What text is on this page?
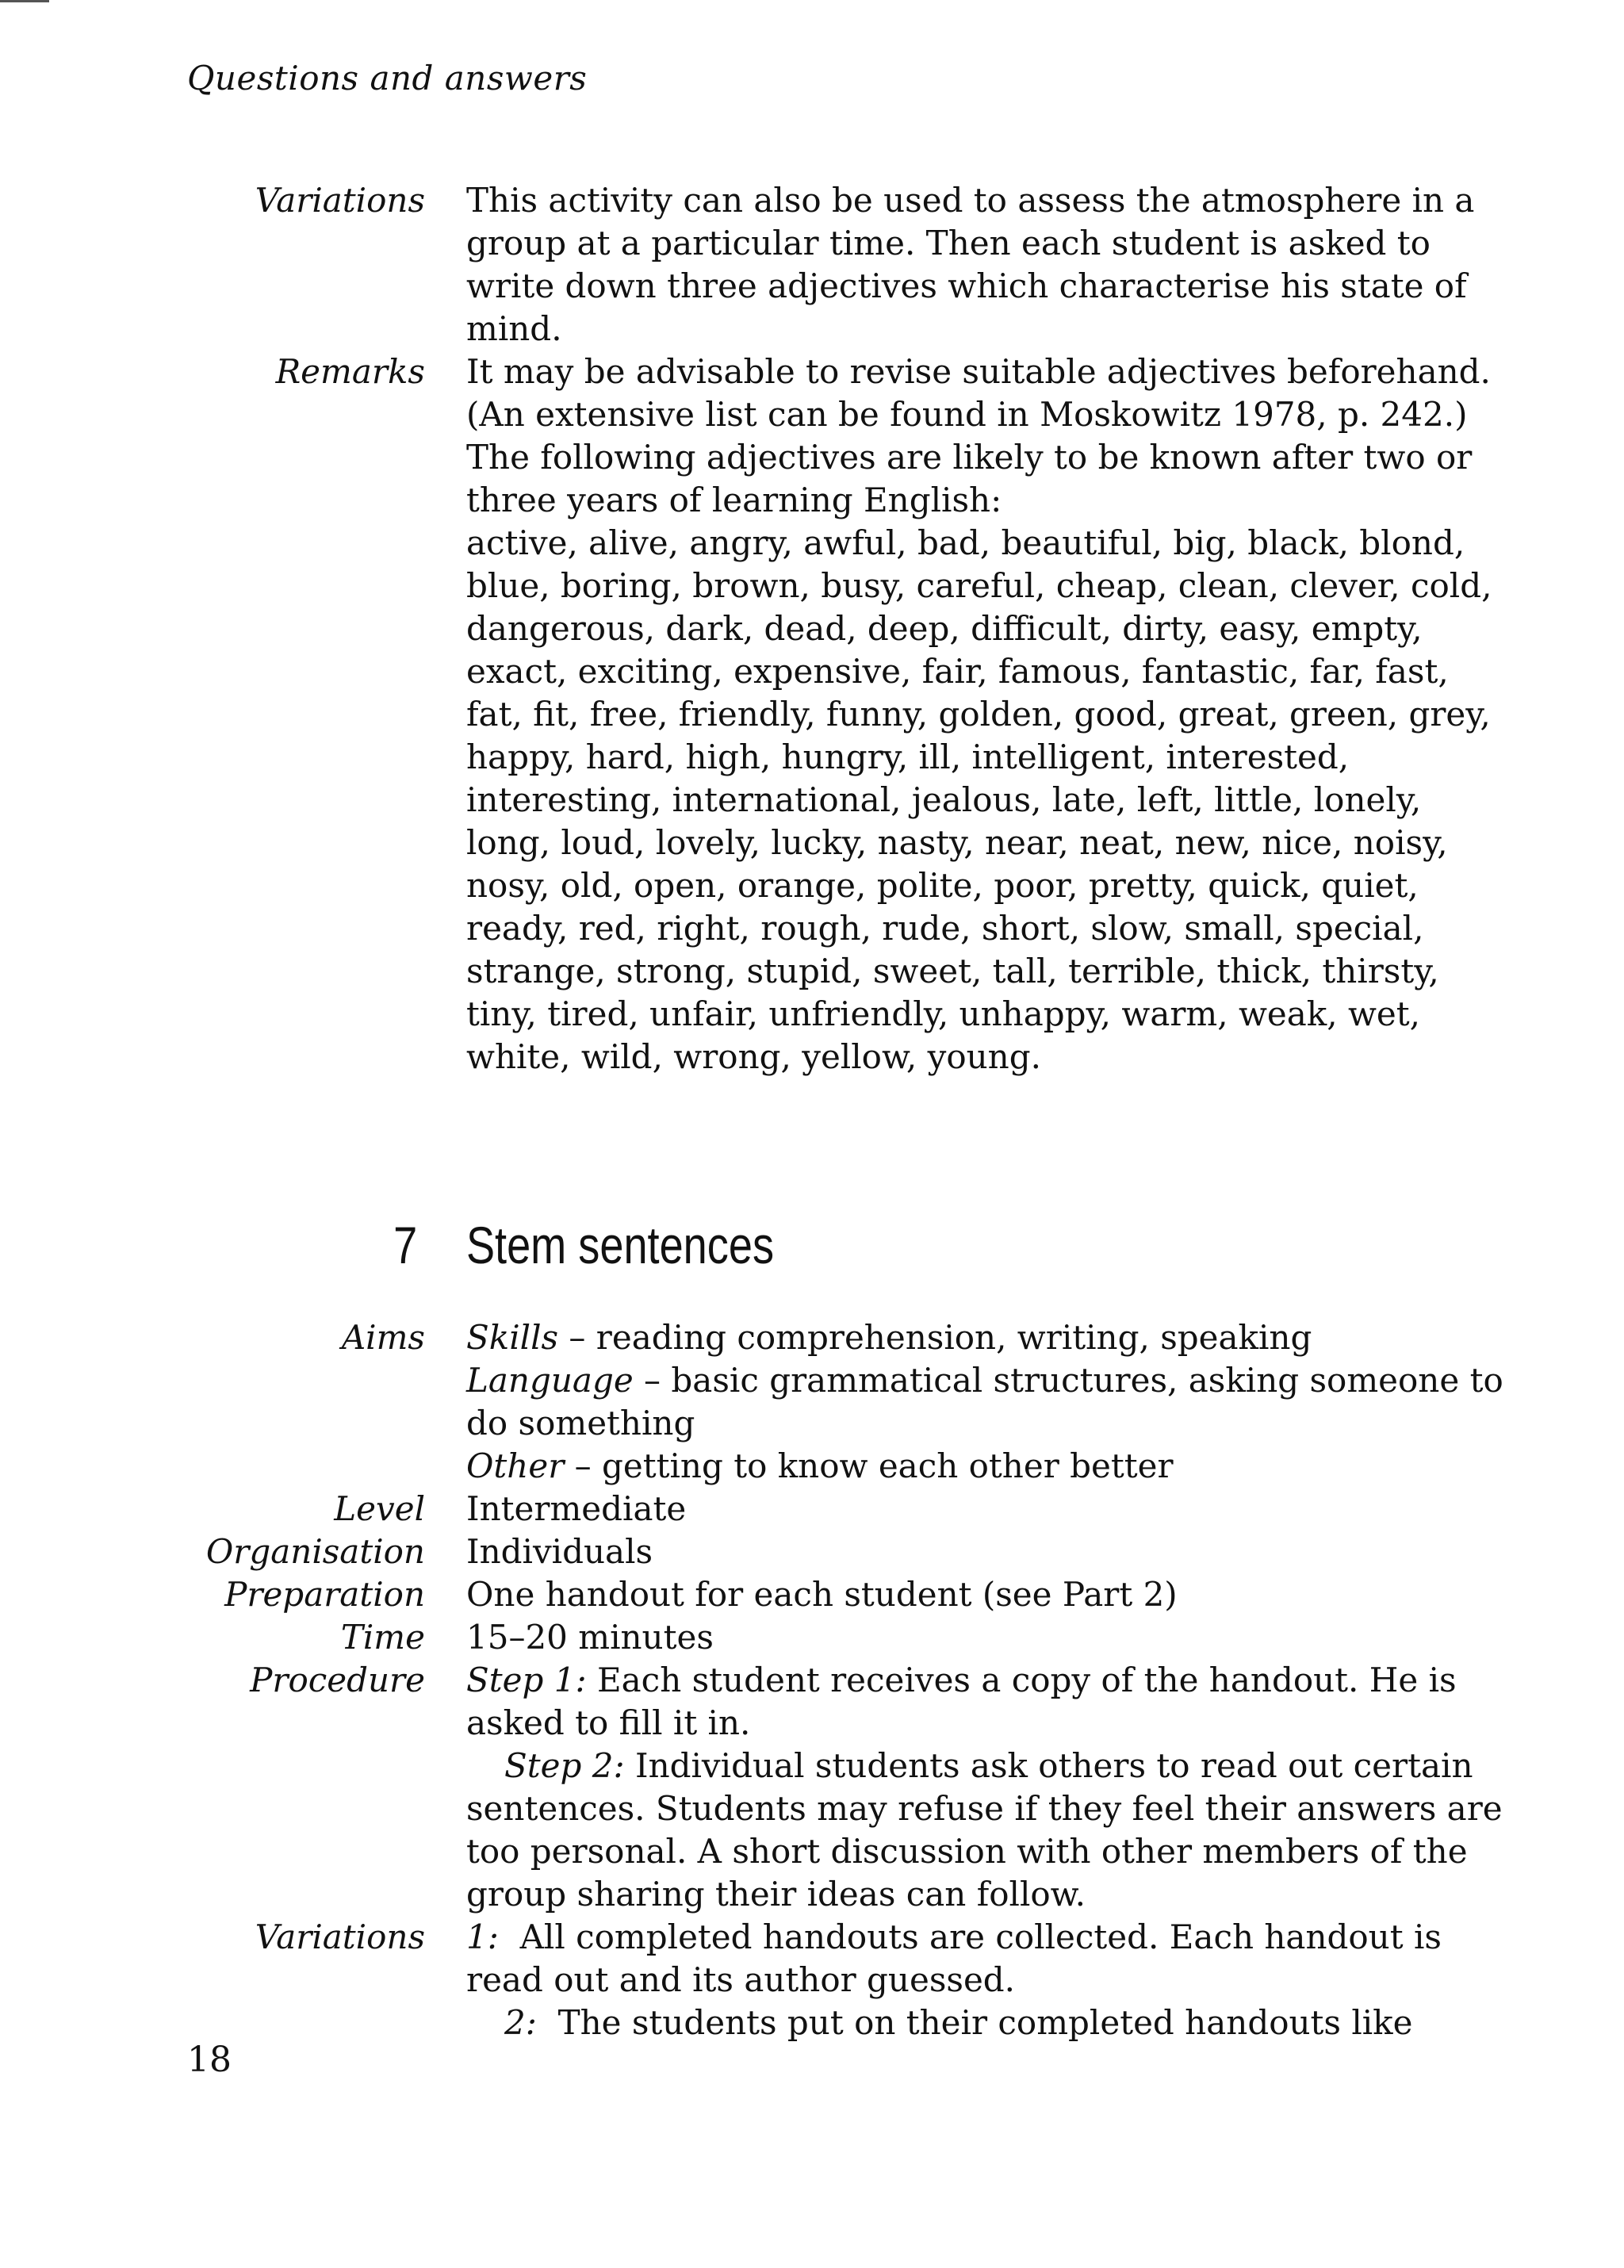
Questions and answers
Variations This activity can also be used to assess the atmosphere in a
group at a particular time. Then each student is asked to
write down three adjectives which characterise his state of
mind.
Remarks It may be advisable to revise suitable adjectives beforehand.
(An extensive list can be found in Moskowitz 1978, p. 242.)
The following adjectives are likely to be known after two or
three years of learning English:
active, alive, angry, awful, bad, beautiful, big, black, blond,
blue, boring, brown, busy, careful, cheap, clean, clever, cold,
dangerous, dark, dead, deep, difficult, dirty, easy, empty,
exact, exciting, expensive, fair, famous, fantastic, far, fast,
fat, fit, free, friendly, funny, golden, good, great, green, grey,
happy, hard, high, hungry, ill, intelligent, interested,
interesting, international, jealous, late, left, little, lonely,
long, loud, lovely, lucky, nasty, near, neat, new, nice, noisy,
nosy, old, open, orange, polite, poor, pretty, quick, quiet,
ready, red, right, rough, rude, short, slow, small, special,
strange, strong, stupid, sweet, tall, terrible, thick, thirsty,
tiny, tired, unfair, unfriendly, unhappy, warm, weak, wet,
white, wild, wrong, yellow, young.
7 Stem sentences
Aims Skills – reading comprehension, writing, speaking
Language – basic grammatical structures, asking someone to
do something
Other – getting to know each other better
Level Intermediate
Organisation Individuals
Preparation One handout for each student (see Part 2)
Time 15–20 minutes
Procedure Step 1: Each student receives a copy of the handout. He is
asked to fill it in.
Step 2: Individual students ask others to read out certain
sentences. Students may refuse if they feel their answers are
too personal. A short discussion with other members of the
group sharing their ideas can follow.
Variations 1:  All completed handouts are collected. Each handout is
read out and its author guessed.
2:  The students put on their completed handouts like
18
